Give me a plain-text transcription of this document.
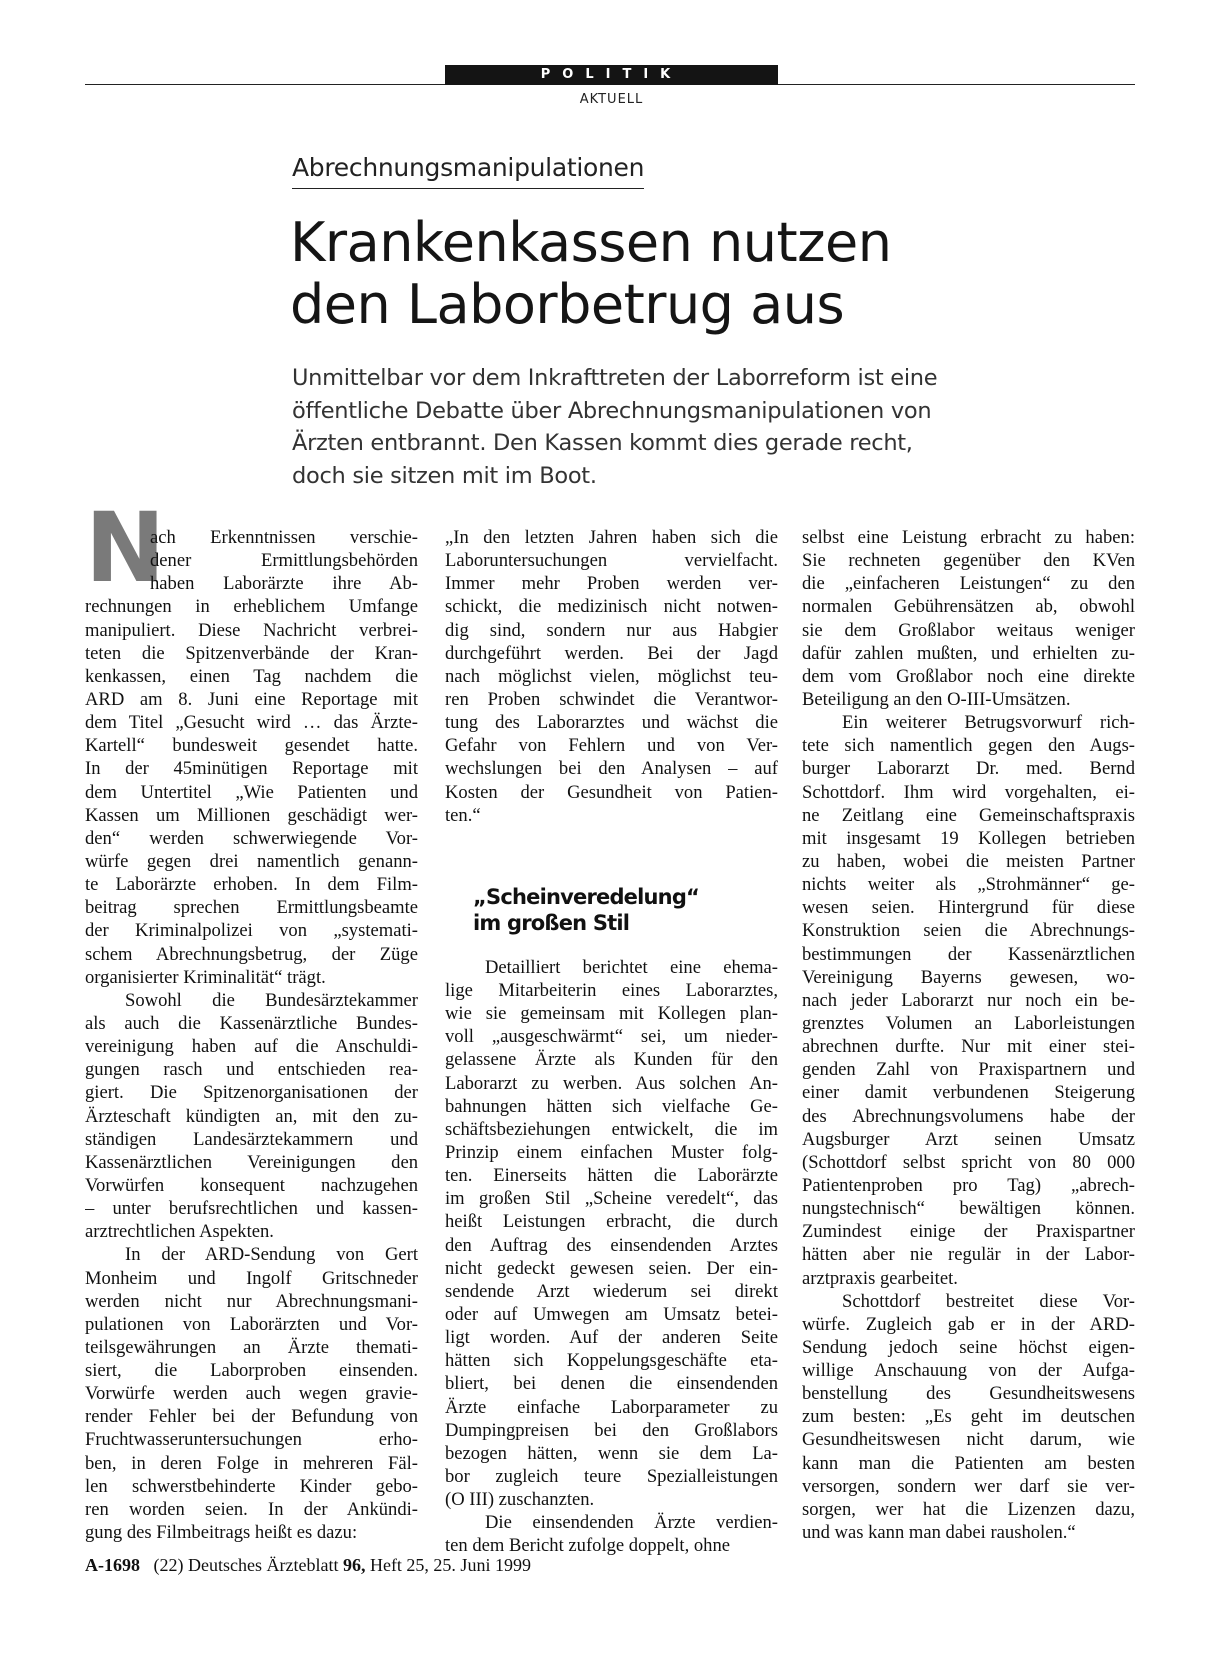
POLITIK
AKTUELL
Abrechnungsmanipulationen
Krankenkassen nutzen
den Laborbetrug aus
Unmittelbar vor dem Inkrafttreten der Laborreform ist eine
öffentliche Debatte über Abrechnungsmanipulationen von
Ärzten entbrannt. Den Kassen kommt dies gerade recht,
doch sie sitzen mit im Boot.
N
ach Erkenntnissen verschie-
dener Ermittlungsbehörden
haben Laborärzte ihre Ab-
rechnungen in erheblichem Umfange
manipuliert. Diese Nachricht verbrei-
teten die Spitzenverbände der Kran-
kenkassen, einen Tag nachdem die
ARD am 8. Juni eine Reportage mit
dem Titel „Gesucht wird … das Ärzte-
Kartell“ bundesweit gesendet hatte.
In der 45minütigen Reportage mit
dem Untertitel „Wie Patienten und
Kassen um Millionen geschädigt wer-
den“ werden schwerwiegende Vor-
würfe gegen drei namentlich genann-
te Laborärzte erhoben. In dem Film-
beitrag sprechen Ermittlungsbeamte
der Kriminalpolizei von „systemati-
schem Abrechnungsbetrug, der Züge
organisierter Kriminalität“ trägt.
Sowohl die Bundesärztekammer
als auch die Kassenärztliche Bundes-
vereinigung haben auf die Anschuldi-
gungen rasch und entschieden rea-
giert. Die Spitzenorganisationen der
Ärzteschaft kündigten an, mit den zu-
ständigen Landesärztekammern und
Kassenärztlichen Vereinigungen den
Vorwürfen konsequent nachzugehen
– unter berufsrechtlichen und kassen-
arztrechtlichen Aspekten.
In der ARD-Sendung von Gert
Monheim und Ingolf Gritschneder
werden nicht nur Abrechnungsmani-
pulationen von Laborärzten und Vor-
teilsgewährungen an Ärzte themati-
siert, die Laborproben einsenden.
Vorwürfe werden auch wegen gravie-
render Fehler bei der Befundung von
Fruchtwasseruntersuchungen erho-
ben, in deren Folge in mehreren Fäl-
len schwerstbehinderte Kinder gebo-
ren worden seien. In der Ankündi-
gung des Filmbeitrags heißt es dazu:
„In den letzten Jahren haben sich die
Laboruntersuchungen vervielfacht.
Immer mehr Proben werden ver-
schickt, die medizinisch nicht notwen-
dig sind, sondern nur aus Habgier
durchgeführt werden. Bei der Jagd
nach möglichst vielen, möglichst teu-
ren Proben schwindet die Verantwor-
tung des Laborarztes und wächst die
Gefahr von Fehlern und von Ver-
wechslungen bei den Analysen – auf
Kosten der Gesundheit von Patien-
ten.“
„Scheinveredelung“
im großen Stil
Detailliert berichtet eine ehema-
lige Mitarbeiterin eines Laborarztes,
wie sie gemeinsam mit Kollegen plan-
voll „ausgeschwärmt“ sei, um nieder-
gelassene Ärzte als Kunden für den
Laborarzt zu werben. Aus solchen An-
bahnungen hätten sich vielfache Ge-
schäftsbeziehungen entwickelt, die im
Prinzip einem einfachen Muster folg-
ten. Einerseits hätten die Laborärzte
im großen Stil „Scheine veredelt“, das
heißt Leistungen erbracht, die durch
den Auftrag des einsendenden Arztes
nicht gedeckt gewesen seien. Der ein-
sendende Arzt wiederum sei direkt
oder auf Umwegen am Umsatz betei-
ligt worden. Auf der anderen Seite
hätten sich Koppelungsgeschäfte eta-
bliert, bei denen die einsendenden
Ärzte einfache Laborparameter zu
Dumpingpreisen bei den Großlabors
bezogen hätten, wenn sie dem La-
bor zugleich teure Spezialleistungen
(O III) zuschanzten.
Die einsendenden Ärzte verdien-
ten dem Bericht zufolge doppelt, ohne
selbst eine Leistung erbracht zu haben:
Sie rechneten gegenüber den KVen
die „einfacheren Leistungen“ zu den
normalen Gebührensätzen ab, obwohl
sie dem Großlabor weitaus weniger
dafür zahlen mußten, und erhielten zu-
dem vom Großlabor noch eine direkte
Beteiligung an den O-III-Umsätzen.
Ein weiterer Betrugsvorwurf rich-
tete sich namentlich gegen den Augs-
burger Laborarzt Dr. med. Bernd
Schottdorf. Ihm wird vorgehalten, ei-
ne Zeitlang eine Gemeinschaftspraxis
mit insgesamt 19 Kollegen betrieben
zu haben, wobei die meisten Partner
nichts weiter als „Strohmänner“ ge-
wesen seien. Hintergrund für diese
Konstruktion seien die Abrechnungs-
bestimmungen der Kassenärztlichen
Vereinigung Bayerns gewesen, wo-
nach jeder Laborarzt nur noch ein be-
grenztes Volumen an Laborleistungen
abrechnen durfte. Nur mit einer stei-
genden Zahl von Praxispartnern und
einer damit verbundenen Steigerung
des Abrechnungsvolumens habe der
Augsburger Arzt seinen Umsatz
(Schottdorf selbst spricht von 80 000
Patientenproben pro Tag) „abrech-
nungstechnisch“ bewältigen können.
Zumindest einige der Praxispartner
hätten aber nie regulär in der Labor-
arztpraxis gearbeitet.
Schottdorf bestreitet diese Vor-
würfe. Zugleich gab er in der ARD-
Sendung jedoch seine höchst eigen-
willige Anschauung von der Aufga-
benstellung des Gesundheitswesens
zum besten: „Es geht im deutschen
Gesundheitswesen nicht darum, wie
kann man die Patienten am besten
versorgen, sondern wer darf sie ver-
sorgen, wer hat die Lizenzen dazu,
und was kann man dabei rausholen.“
A-1698 (22) Deutsches Ärzteblatt 96, Heft 25, 25. Juni 1999
